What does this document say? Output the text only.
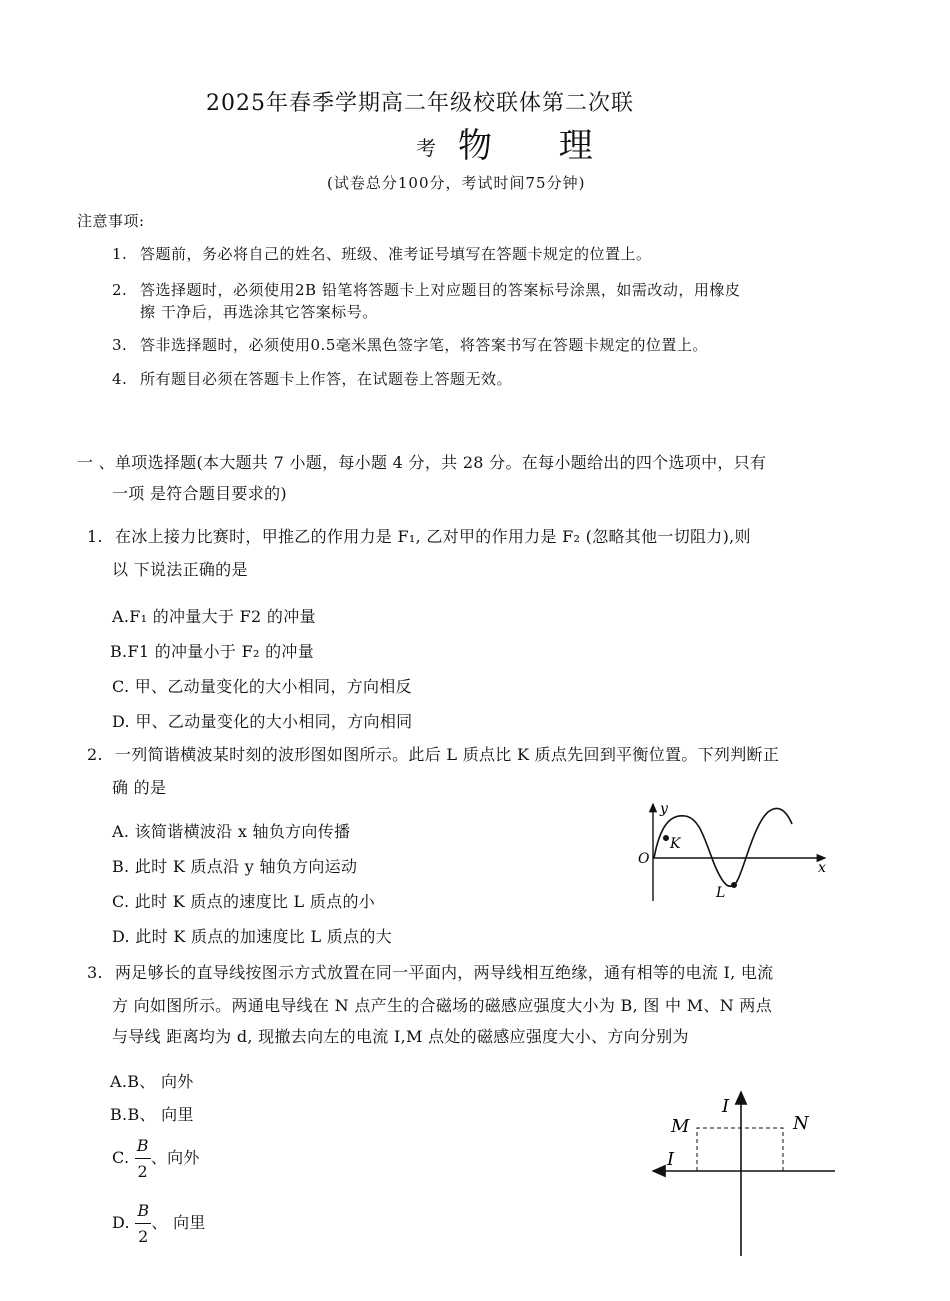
2025年春季学期高二年级校联体第二次联
考 物 理
(试卷总分100分，考试时间75分钟)
注意事项:
1. 答题前，务必将自己的姓名、班级、准考证号填写在答题卡规定的位置上。
2. 答选择题时，必须使用2B 铅笔将答题卡上对应题目的答案标号涂黑，如需改动，用橡皮
擦 干净后，再选涂其它答案标号。
3. 答非选择题时，必须使用0.5毫米黑色签字笔，将答案书写在答题卡规定的位置上。
4. 所有题目必须在答题卡上作答，在试题卷上答题无效。
一 、单项选择题(本大题共 7 小题，每小题 4 分，共 28 分。在每小题给出的四个选项中，只有
一项 是符合题目要求的)
1. 在冰上接力比赛时，甲推乙的作用力是 F₁, 乙对甲的作用力是 F₂ (忽略其他一切阻力),则
以 下说法正确的是
A.F₁ 的冲量大于 F2 的冲量
B.F1 的冲量小于 F₂ 的冲量
C. 甲、乙动量变化的大小相同，方向相反
D. 甲、乙动量变化的大小相同，方向相同
2. 一列简谐横波某时刻的波形图如图所示。此后 L 质点比 K 质点先回到平衡位置。下列判断正
确 的是
A. 该简谐横波沿 x 轴负方向传播
B. 此时 K 质点沿 y 轴负方向运动
C. 此时 K 质点的速度比 L 质点的小
D. 此时 K 质点的加速度比 L 质点的大
y
x
O
K
L
3. 两足够长的直导线按图示方式放置在同一平面内，两导线相互绝缘，通有相等的电流 I, 电流
方 向如图所示。两通电导线在 N 点产生的合磁场的磁感应强度大小为 B, 图 中 M、N 两点
与导线 距离均为 d, 现撤去向左的电流 I,M 点处的磁感应强度大小、方向分别为
A.B、 向外
B.B、 向里
C. $\frac{B}{2}$ 、向外
D. $\frac{B}{2}$ 、 向里
I
I
M	N
